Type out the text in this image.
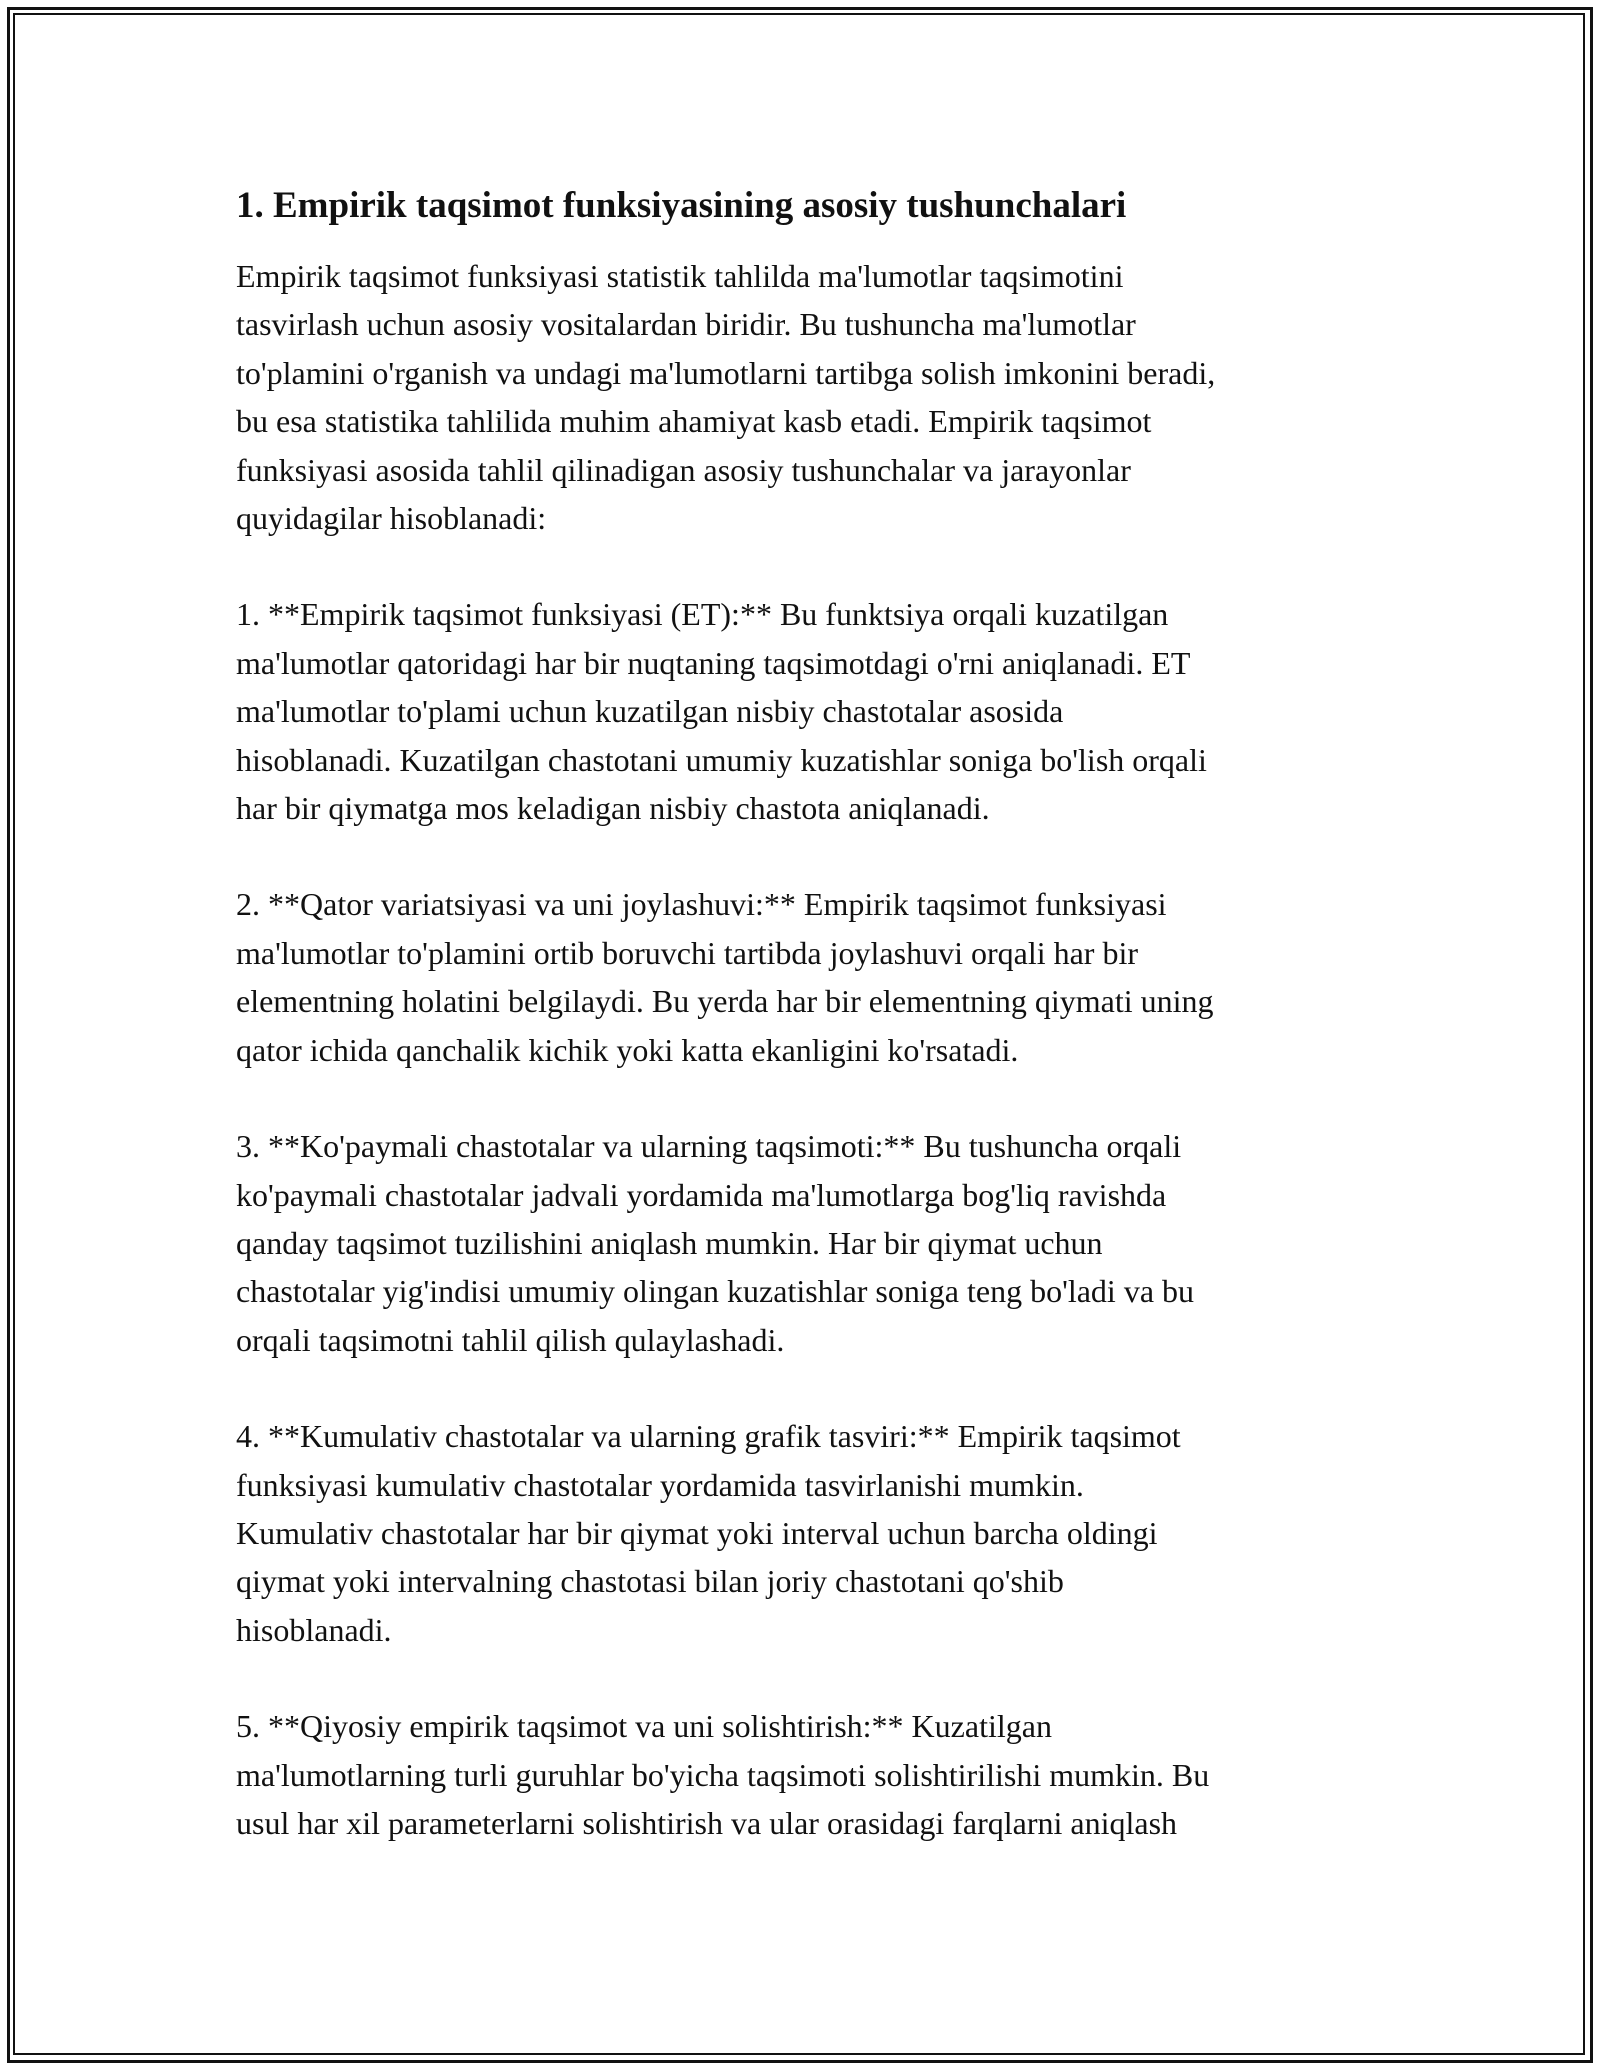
1. Empirik taqsimot funksiyasining asosiy tushunchalari

Empirik taqsimot funksiyasi statistik tahlilda ma'lumotlar taqsimotini
tasvirlash uchun asosiy vositalardan biridir. Bu tushuncha ma'lumotlar
to'plamini o'rganish va undagi ma'lumotlarni tartibga solish imkonini beradi,
bu esa statistika tahlilida muhim ahamiyat kasb etadi. Empirik taqsimot
funksiyasi asosida tahlil qilinadigan asosiy tushunchalar va jarayonlar
quyidagilar hisoblanadi:

1. **Empirik taqsimot funksiyasi (ET):** Bu funktsiya orqali kuzatilgan
ma'lumotlar qatoridagi har bir nuqtaning taqsimotdagi o'rni aniqlanadi. ET
ma'lumotlar to'plami uchun kuzatilgan nisbiy chastotalar asosida
hisoblanadi. Kuzatilgan chastotani umumiy kuzatishlar soniga bo'lish orqali
har bir qiymatga mos keladigan nisbiy chastota aniqlanadi.

2. **Qator variatsiyasi va uni joylashuvi:** Empirik taqsimot funksiyasi
ma'lumotlar to'plamini ortib boruvchi tartibda joylashuvi orqali har bir
elementning holatini belgilaydi. Bu yerda har bir elementning qiymati uning
qator ichida qanchalik kichik yoki katta ekanligini ko'rsatadi.

3. **Ko'paymali chastotalar va ularning taqsimoti:** Bu tushuncha orqali
ko'paymali chastotalar jadvali yordamida ma'lumotlarga bog'liq ravishda
qanday taqsimot tuzilishini aniqlash mumkin. Har bir qiymat uchun
chastotalar yig'indisi umumiy olingan kuzatishlar soniga teng bo'ladi va bu
orqali taqsimotni tahlil qilish qulaylashadi.

4. **Kumulativ chastotalar va ularning grafik tasviri:** Empirik taqsimot
funksiyasi kumulativ chastotalar yordamida tasvirlanishi mumkin.
Kumulativ chastotalar har bir qiymat yoki interval uchun barcha oldingi
qiymat yoki intervalning chastotasi bilan joriy chastotani qo'shib
hisoblanadi.

5. **Qiyosiy empirik taqsimot va uni solishtirish:** Kuzatilgan
ma'lumotlarning turli guruhlar bo'yicha taqsimoti solishtirilishi mumkin. Bu
usul har xil parameterlarni solishtirish va ular orasidagi farqlarni aniqlash
